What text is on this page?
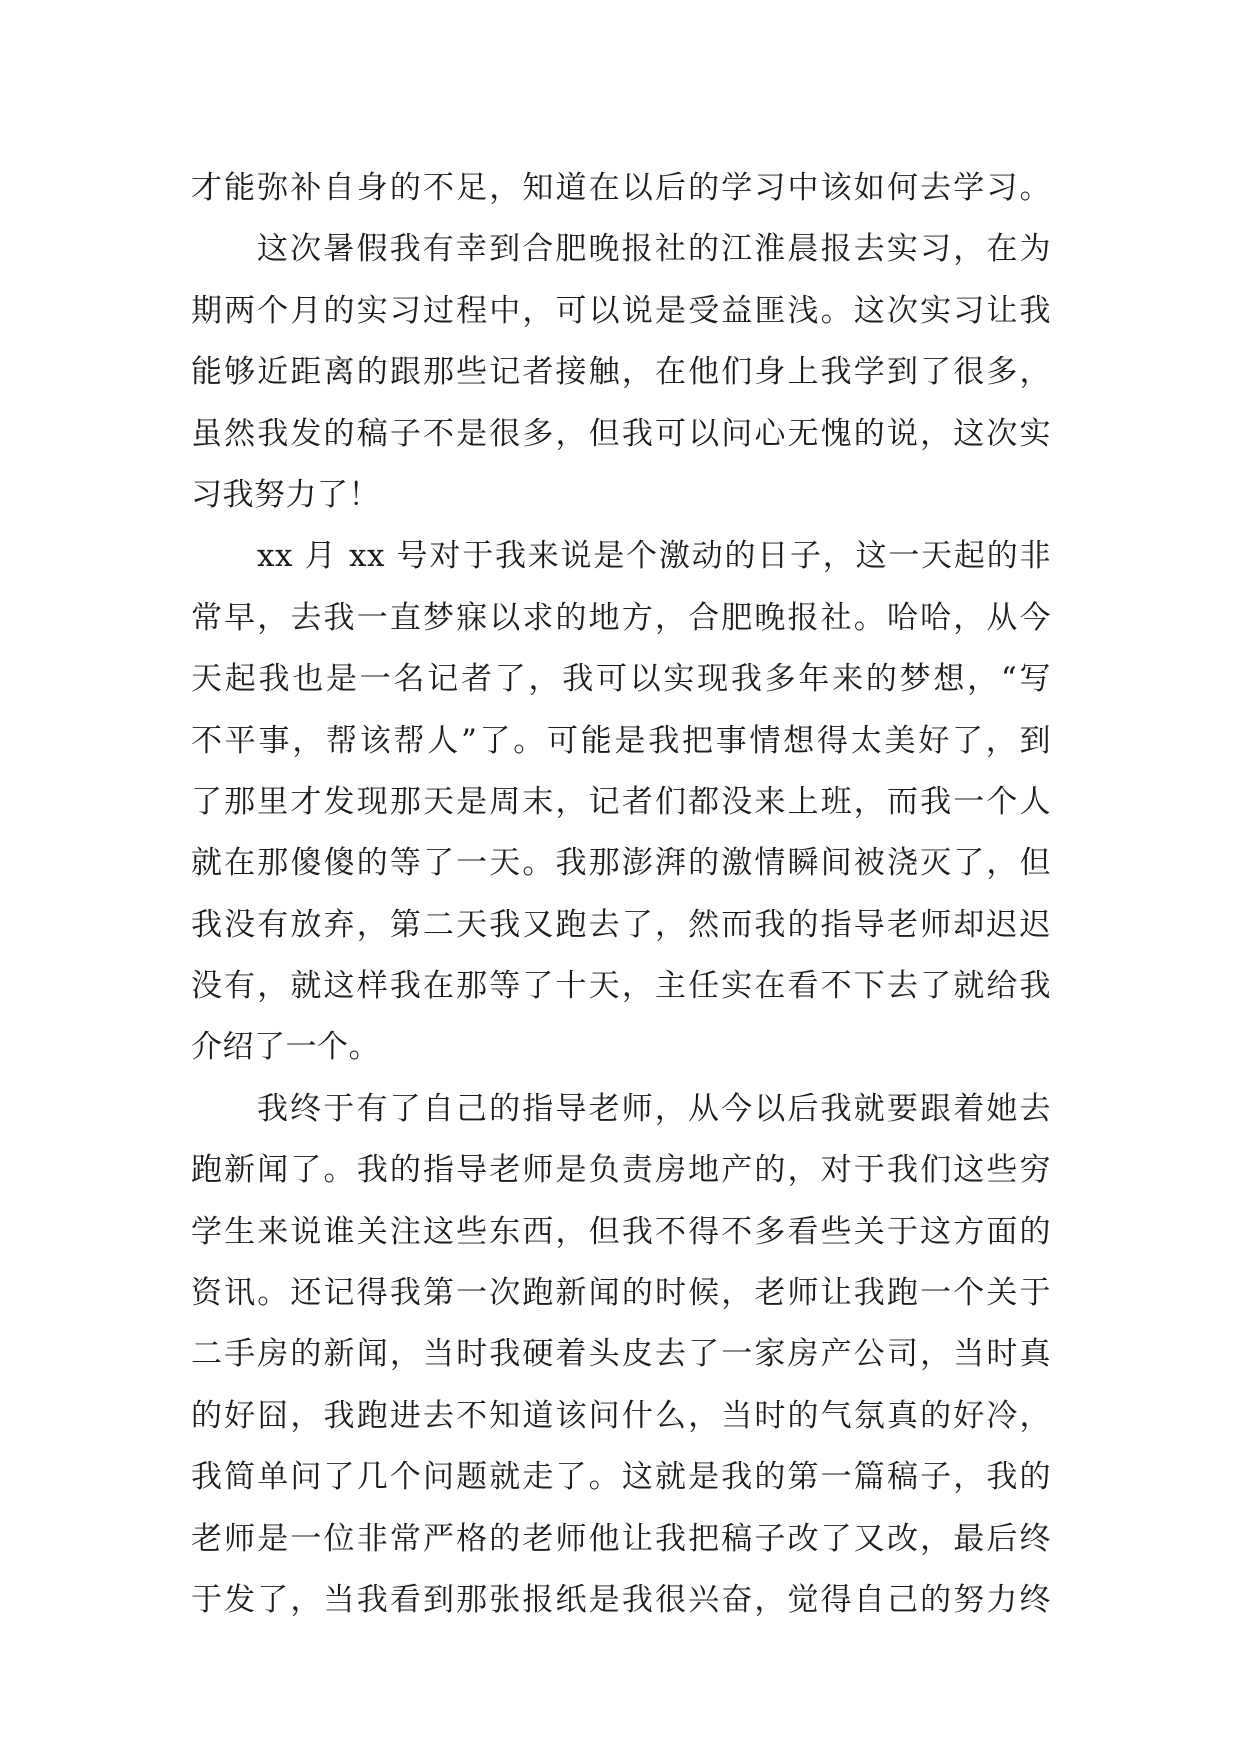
才能弥补自身的不足，知道在以后的学习中该如何去学习。
这次暑假我有幸到合肥晚报社的江淮晨报去实习，在为
期两个月的实习过程中，可以说是受益匪浅。这次实习让我
能够近距离的跟那些记者接触，在他们身上我学到了很多，
虽然我发的稿子不是很多，但我可以问心无愧的说，这次实
习我努力了！
xx 月 xx 号对于我来说是个激动的日子，这一天起的非
常早，去我一直梦寐以求的地方，合肥晚报社。哈哈，从今
天起我也是一名记者了，我可以实现我多年来的梦想，“写
不平事，帮该帮人”了。可能是我把事情想得太美好了，到
了那里才发现那天是周末，记者们都没来上班，而我一个人
就在那傻傻的等了一天。我那澎湃的激情瞬间被浇灭了，但
我没有放弃，第二天我又跑去了，然而我的指导老师却迟迟
没有，就这样我在那等了十天，主任实在看不下去了就给我
介绍了一个。
我终于有了自己的指导老师，从今以后我就要跟着她去
跑新闻了。我的指导老师是负责房地产的，对于我们这些穷
学生来说谁关注这些东西，但我不得不多看些关于这方面的
资讯。还记得我第一次跑新闻的时候，老师让我跑一个关于
二手房的新闻，当时我硬着头皮去了一家房产公司，当时真
的好囧，我跑进去不知道该问什么，当时的气氛真的好冷，
我简单问了几个问题就走了。这就是我的第一篇稿子，我的
老师是一位非常严格的老师他让我把稿子改了又改，最后终
于发了，当我看到那张报纸是我很兴奋，觉得自己的努力终
